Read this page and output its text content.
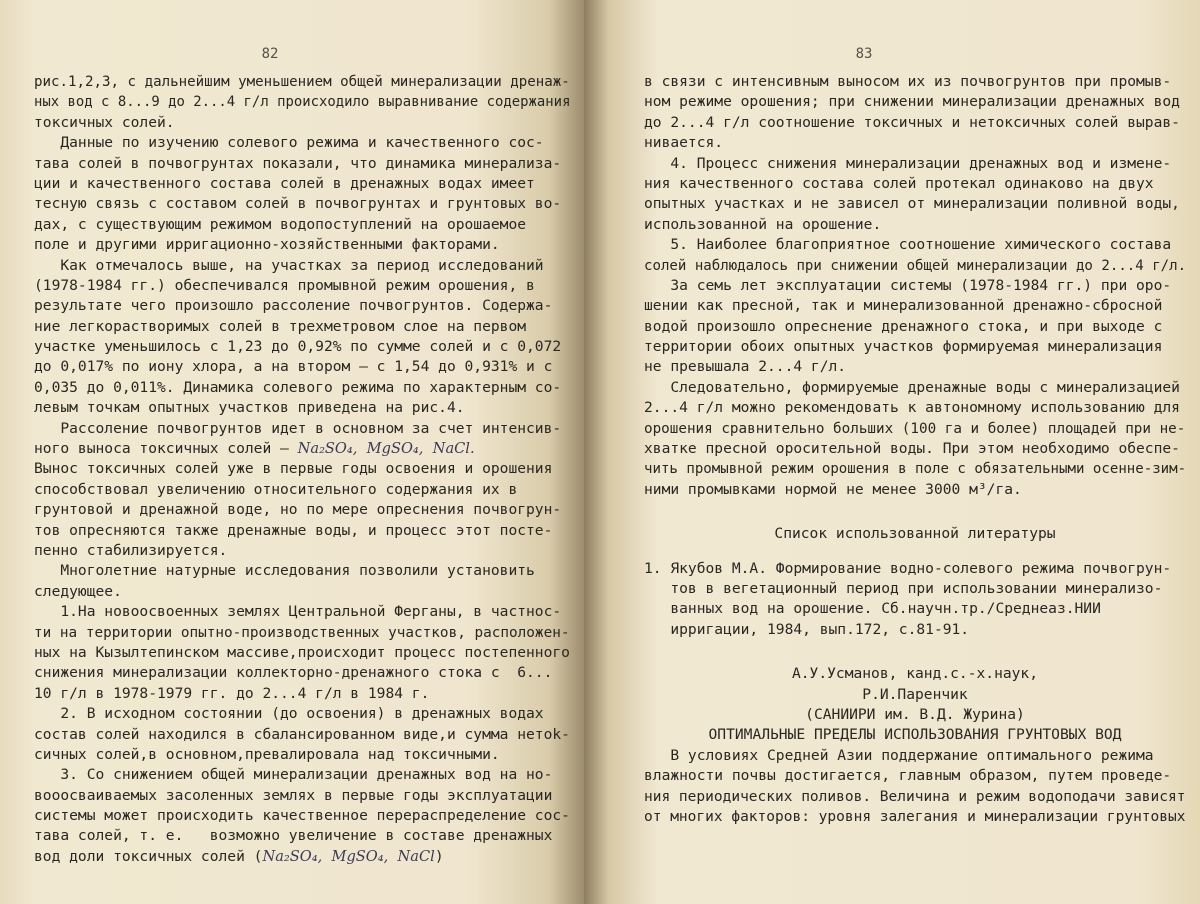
82
рис.1,2,3, с дальнейшим уменьшением общей минерализации дренаж-
ных вод с 8...9 до 2...4 г/л происходило выравнивание содержания
токсичных солей.
Данные по изучению солевого режима и качественного сос-
тава солей в почвогрунтах показали, что динамика минерализа-
ции и качественного состава солей в дренажных водах имеет
тесную связь с составом солей в почвогрунтах и грунтовых во-
дах, с существующим режимом водопоступлений на орошаемое
поле и другими ирригационно-хозяйственными факторами.
Как отмечалось выше, на участках за период исследований
(1978-1984 гг.) обеспечивался промывной режим орошения, в
результате чего произошло рассоление почвогрунтов. Содержа-
ние легкорастворимых солей в трехметровом слое на первом
участке уменьшилось с 1,23 до 0,92% по сумме солей и с 0,072
до 0,017% по иону хлора, а на втором – с 1,54 до 0,931% и с
0,035 до 0,011%. Динамика солевого режима по характерным со-
левым точкам опытных участков приведена на рис.4.
Рассоление почвогрунтов идет в основном за счет интенсив-
ного выноса токсичных солей – Na₂SO₄,  MgSO₄,  NaCl.
Вынос токсичных солей уже в первые годы освоения и орошения
способствовал увеличению относительного содержания их в
грунтовой и дренажной воде, но по мере опреснения почвогрун-
тов опресняются также дренажные воды, и процесс этот посте-
пенно стабилизируется.
Многолетние натурные исследования позволили установить
следующее.
1.На новоосвоенных землях Центральной Ферганы, в частнос-
ти на территории опытно-производственных участков, расположен-
ных на Кызылтепинском массиве,происходит процесс постепенного
снижения минерализации коллекторно-дренажного стока с  6...
10 г/л в 1978-1979 гг. до 2...4 г/л в 1984 г.
2. В исходном состоянии (до освоения) в дренажных водах
состав солей находился в сбалансированном виде,и сумма нетok-
сичных солей,в основном,превалировала над токсичными.
3. Со снижением общей минерализации дренажных вод на но-
вооосваиваемых засоленных землях в первые годы эксплуатации
системы может происходить качественное перераспределение сос-
тава солей, т. е.   возможно увеличение в составе дренажных
вод доли токсичных солей (Na₂SO₄,  MgSO₄,  NaCl)
83
в связи с интенсивным выносом их из почвогрунтов при промыв-
ном режиме орошения; при снижении минерализации дренажных вод
до 2...4 г/л соотношение токсичных и нетоксичных солей вырав-
нивается.
4. Процесс снижения минерализации дренажных вод и измене-
ния качественного состава солей протекал одинаково на двух
опытных участках и не зависел от минерализации поливной воды,
использованной на орошение.
5. Наиболее благоприятное соотношение химического состава
солей наблюдалось при снижении общей минерализации до 2...4 г/л.
За семь лет эксплуатации системы (1978-1984 гг.) при оро-
шении как пресной, так и минерализованной дренажно-сбросной
водой произошло опреснение дренажного стока, и при выходе с
территории обоих опытных участков формируемая минерализация
не превышала 2...4 г/л.
Следовательно, формируемые дренажные воды с минерализацией
2...4 г/л можно рекомендовать к автономному использованию для
орошения сравнительно больших (100 га и более) площадей при не-
хватке пресной оросительной воды. При этом необходимо обеспе-
чить промывной режим орошения в поле с обязательными осенне-зим-
ними промывками нормой не менее 3000 м³/га.
Список использованной литературы
1. Якубов М.А. Формирование водно-солевого режима почвогрун-
тов в вегетационный период при использовании минерализо-
ванных вод на орошение. Сб.научн.тр./Среднеаз.НИИ
ирригации, 1984, вып.172, с.81-91.
А.У.Усманов, канд.с.-х.наук,
Р.И.Паренчик
(САНИИРИ им. В.Д. Журина)
ОПТИМАЛЬНЫЕ ПРЕДЕЛЫ ИСПОЛЬЗОВАНИЯ ГРУНТОВЫХ ВОД
В условиях Средней Азии поддержание оптимального режима
влажности почвы достигается, главным образом, путем проведе-
ния периодических поливов. Величина и режим водоподачи зависят
от многих факторов: уровня залегания и минерализации грунтовых
